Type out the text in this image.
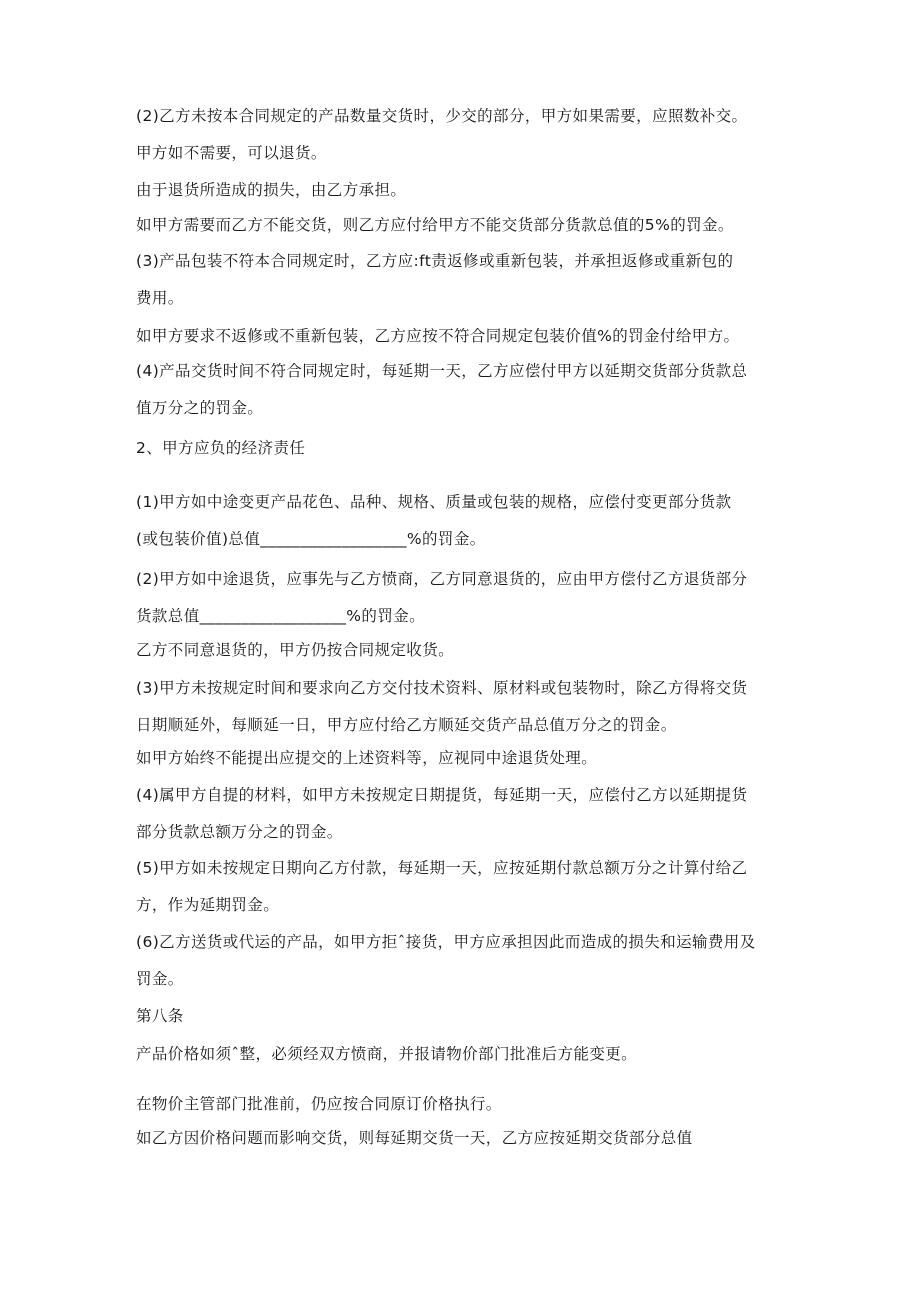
(2)乙方未按本合同规定的产品数量交货时，少交的部分，甲方如果需要，应照数补交。
甲方如不需要，可以退货。

由于退货所造成的损失，由乙方承担。

如甲方需要而乙方不能交货，则乙方应付给甲方不能交货部分货款总值的5%的罚金。

(3)产品包装不符本合同规定时，乙方应:ft责返修或重新包装，并承担返修或重新包的
费用。

如甲方要求不返修或不重新包装，乙方应按不符合同规定包装价值%的罚金付给甲方。

(4)产品交货时间不符合同规定时，每延期一天，乙方应偿付甲方以延期交货部分货款总
值万分之的罚金。

2、甲方应负的经济责任

(1)甲方如中途变更产品花色、品种、规格、质量或包装的规格，应偿付变更部分货款
(或包装价值)总值__________________%的罚金。

(2)甲方如中途退货，应事先与乙方愤商，乙方同意退货的，应由甲方偿付乙方退货部分
货款总值__________________%的罚金。

乙方不同意退货的，甲方仍按合同规定收货。

(3)甲方未按规定时间和要求向乙方交付技术资料、原材料或包装物时，除乙方得将交货
日期顺延外，每顺延一日，甲方应付给乙方顺延交货产品总值万分之的罚金。

如甲方始终不能提出应提交的上述资料等，应视同中途退货处理。

(4)属甲方自提的材料，如甲方未按规定日期提货，每延期一天，应偿付乙方以延期提货
部分货款总额万分之的罚金。

(5)甲方如未按规定日期向乙方付款，每延期一天，应按延期付款总额万分之计算付给乙
方，作为延期罚金。

(6)乙方送货或代运的产品，如甲方拒ˆ接货，甲方应承担因此而造成的损失和运输费用及
罚金。

第八条

产品价格如须ˆ整，必须经双方愤商，并报请物价部门批准后方能变更。

在物价主管部门批准前，仍应按合同原订价格执行。

如乙方因价格问题而影响交货，则每延期交货一天，乙方应按延期交货部分总值
